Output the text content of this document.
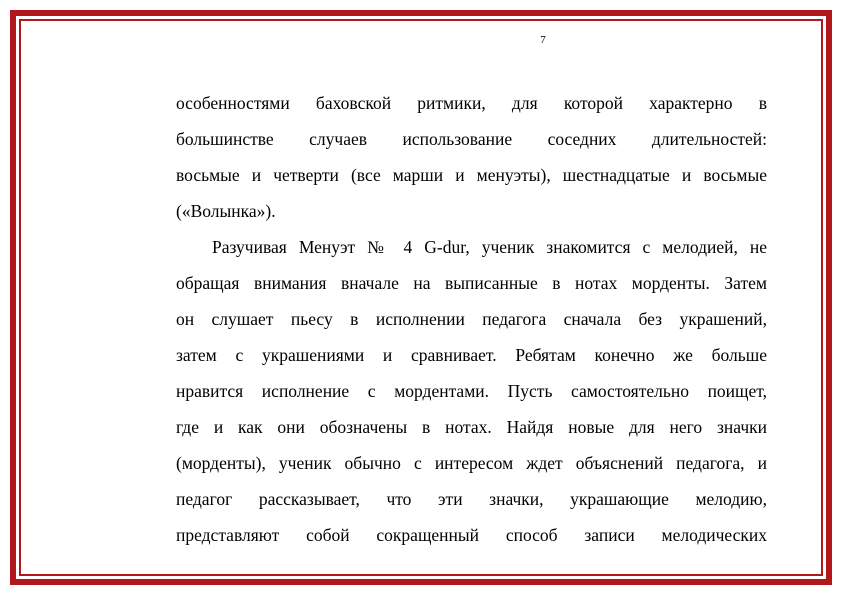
7
особенностями баховской ритмики, для которой характерно в
большинстве случаев использование соседних длительностей:
восьмые и четверти (все марши и менуэты), шестнадцатые и восьмые
(«Волынка»).
Разучивая Менуэт № 4 G-dur, ученик знакомится с мелодией, не
обращая внимания вначале на выписанные в нотах морденты. Затем
он слушает пьесу в исполнении педагога сначала без украшений,
затем с украшениями и сравнивает. Ребятам конечно же больше
нравится исполнение с мордентами. Пусть самостоятельно поищет,
где и как они обозначены в нотах. Найдя новые для него значки
(морденты), ученик обычно с интересом ждет объяснений педагога, и
педагог рассказывает, что эти значки, украшающие мелодию,
представляют собой сокращенный способ записи мелодических
